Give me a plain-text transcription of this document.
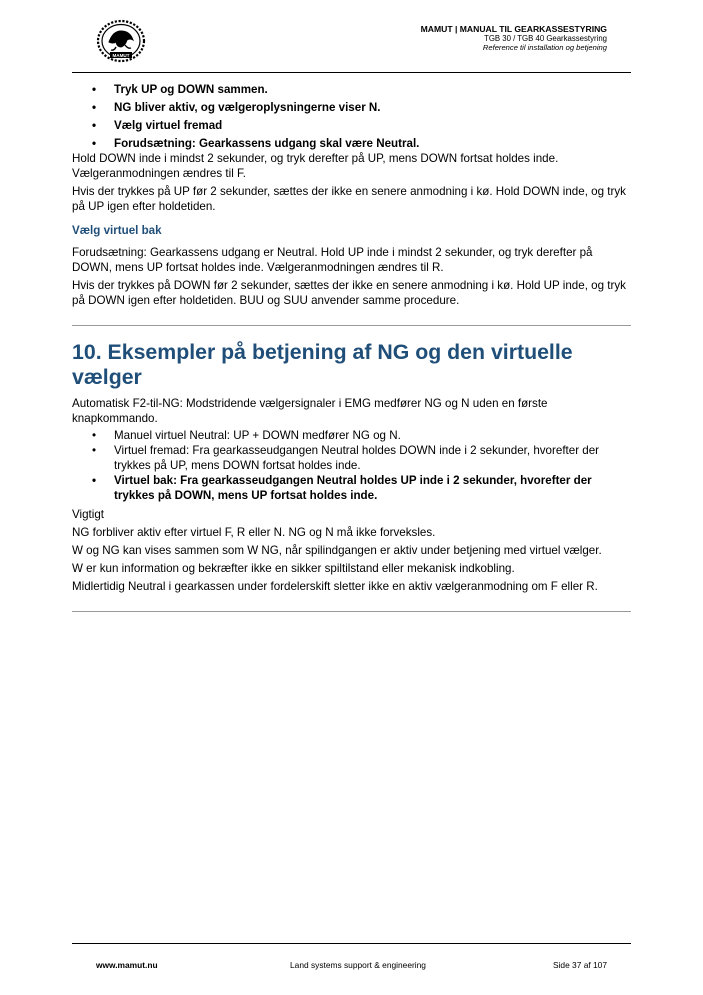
MAMUT
MAMUT | MANUAL TIL GEARKASSESTYRING
TGB 30 / TGB 40 Gearkassestyring
Reference til installation og betjening
• Tryk UP og DOWN sammen.
• NG bliver aktiv, og vælgeroplysningerne viser N.
• Vælg virtuel fremad
• Forudsætning: Gearkassens udgang skal være Neutral.

Hold DOWN inde i mindst 2 sekunder, og tryk derefter på UP, mens DOWN fortsat holdes inde. Vælgeranmodningen ændres til F.

Hvis der trykkes på UP før 2 sekunder, sættes der ikke en senere anmodning i kø. Hold DOWN inde, og tryk på UP igen efter holdetiden.

Vælg virtuel bak

Forudsætning: Gearkassens udgang er Neutral. Hold UP inde i mindst 2 sekunder, og tryk derefter på DOWN, mens UP fortsat holdes inde. Vælgeranmodningen ændres til R.

Hvis der trykkes på DOWN før 2 sekunder, sættes der ikke en senere anmodning i kø. Hold UP inde, og tryk på DOWN igen efter holdetiden. BUU og SUU anvender samme procedure.

10. Eksempler på betjening af NG og den virtuelle vælger

Automatisk F2-til-NG: Modstridende vælgersignaler i EMG medfører NG og N uden en første knapkommando.

• Manuel virtuel Neutral: UP + DOWN medfører NG og N.
• Virtuel fremad: Fra gearkasseudgangen Neutral holdes DOWN inde i 2 sekunder, hvorefter der trykkes på UP, mens DOWN fortsat holdes inde.
• Virtuel bak: Fra gearkasseudgangen Neutral holdes UP inde i 2 sekunder, hvorefter der trykkes på DOWN, mens UP fortsat holdes inde.

Vigtigt

NG forbliver aktiv efter virtuel F, R eller N. NG og N må ikke forveksles.

W og NG kan vises sammen som W NG, når spilindgangen er aktiv under betjening med virtuel vælger.

W er kun information og bekræfter ikke en sikker spiltilstand eller mekanisk indkobling.

Midlertidig Neutral i gearkassen under fordelerskift sletter ikke en aktiv vælgeranmodning om F eller R.

www.mamut.nu	Land systems support & engineering	Side 37 af 107
